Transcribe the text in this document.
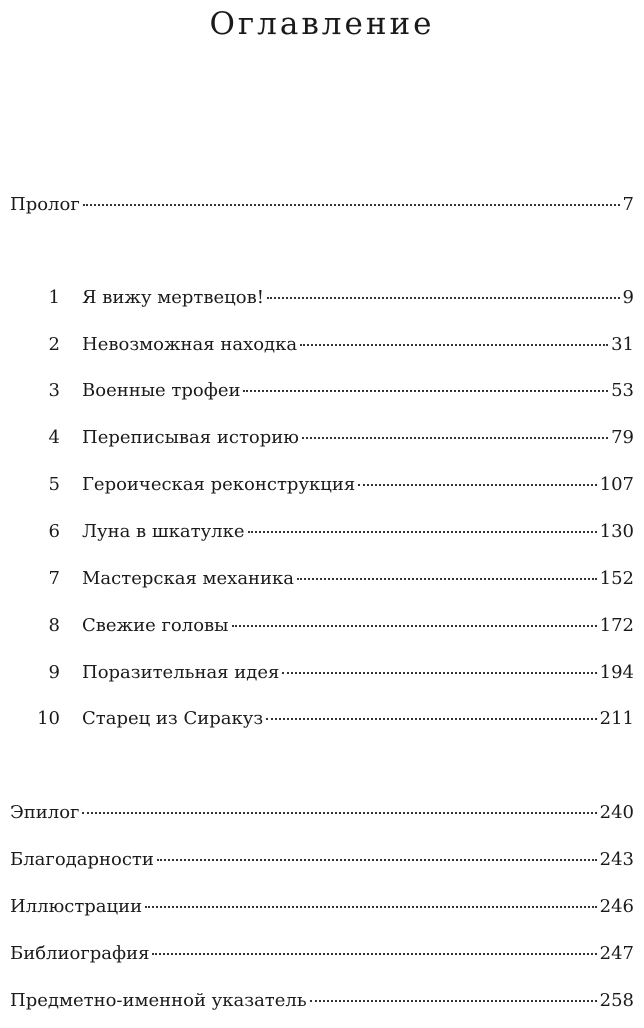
Оглавление
Пролог	7
1 Я вижу мертвецов!	9
2 Невозможная находка	31
3 Военные трофеи	53
4 Переписывая историю	79
5 Героическая реконструкция	107
6 Луна в шкатулке	130
7 Мастерская механика	152
8 Свежие головы	172
9 Поразительная идея	194
10 Старец из Сиракуз	211
Эпилог	240
Благодарности	243
Иллюстрации	246
Библиография	247
Предметно-именной указатель	258
